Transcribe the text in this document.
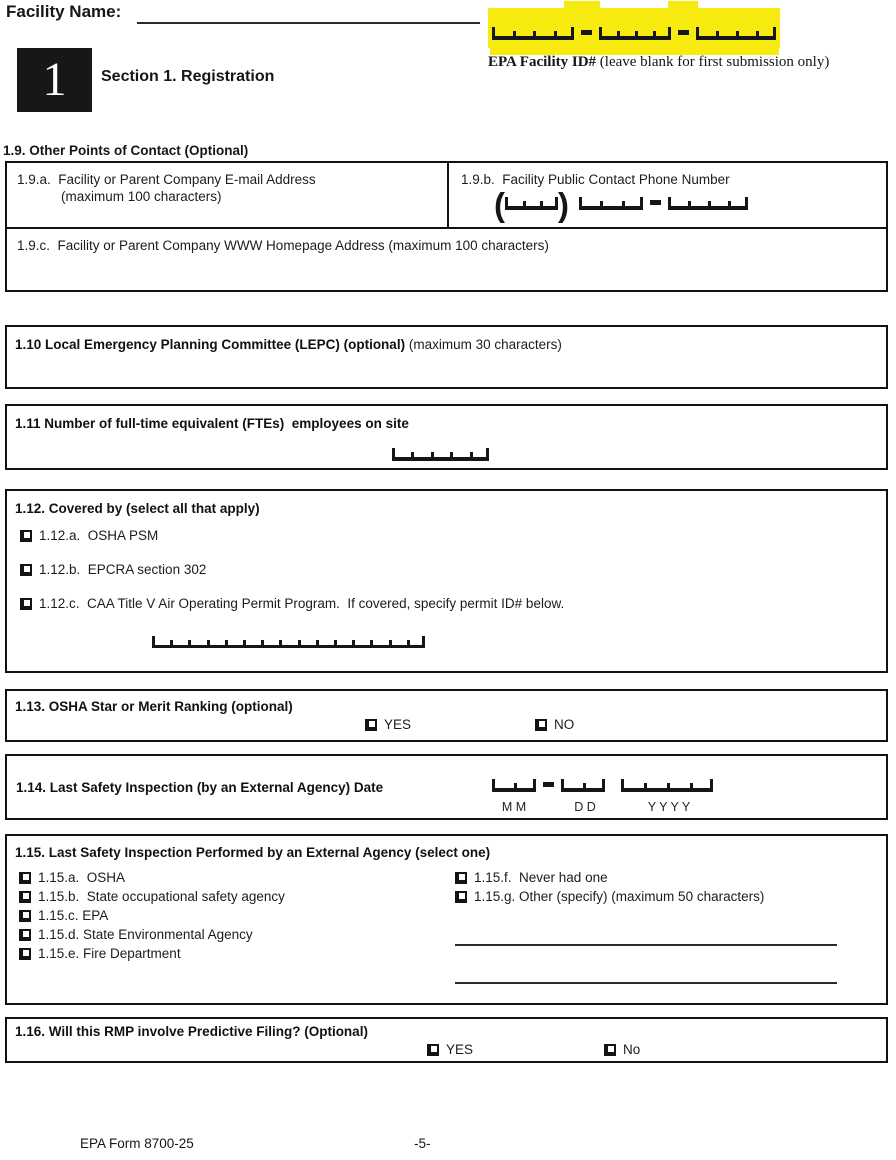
Facility Name:
EPA Facility ID# (leave blank for first submission only)
1 Section 1. Registration
1.9. Other Points of Contact (Optional)
1.9.a.  Facility or Parent Company E-mail Address
(maximum 100 characters)
1.9.b.  Facility Public Contact Phone Number
( )
1.9.c.  Facility or Parent Company WWW Homepage Address (maximum 100 characters)
1.10 Local Emergency Planning Committee (LEPC) (optional) (maximum 30 characters)
1.11 Number of full-time equivalent (FTEs)  employees on site
1.12. Covered by (select all that apply)
1.12.a.  OSHA PSM
1.12.b.  EPCRA section 302
1.12.c.  CAA Title V Air Operating Permit Program.  If covered, specify permit ID# below.
1.13. OSHA Star or Merit Ranking (optional)
YES	NO
1.14. Last Safety Inspection (by an External Agency) Date
M M	D D	Y Y Y Y
1.15. Last Safety Inspection Performed by an External Agency (select one)
1.15.a.  OSHA
1.15.b.  State occupational safety agency
1.15.c. EPA
1.15.d. State Environmental Agency
1.15.e. Fire Department
1.15.f.  Never had one
1.15.g. Other (specify) (maximum 50 characters)
1.16. Will this RMP involve Predictive Filing? (Optional)
YES	No
EPA Form 8700-25	-5-
